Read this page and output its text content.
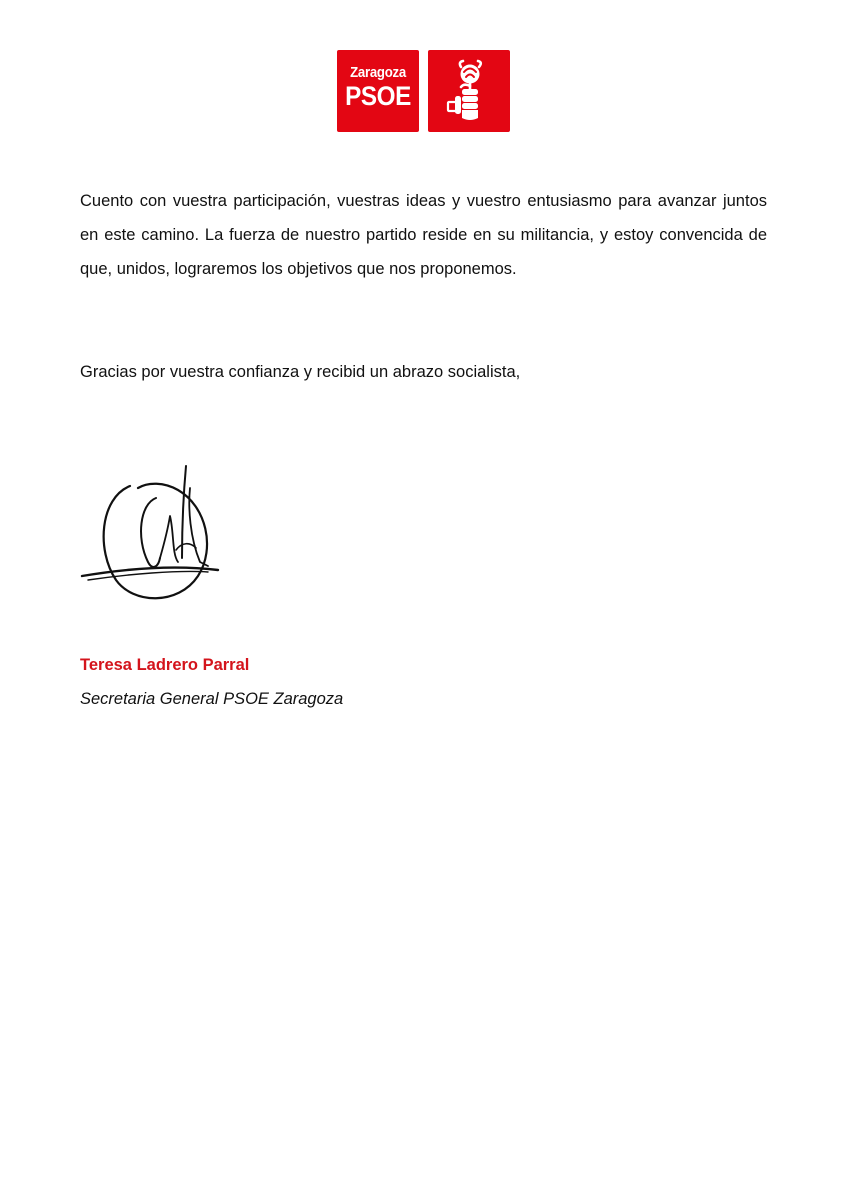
Zaragoza
PSOE

Cuento con vuestra participación, vuestras ideas y vuestro entusiasmo para avanzar juntos en este camino. La fuerza de nuestro partido reside en su militancia, y estoy convencida de que, unidos, lograremos los objetivos que nos proponemos.

Gracias por vuestra confianza y recibid un abrazo socialista,

Teresa Ladrero Parral
Secretaria General PSOE Zaragoza
